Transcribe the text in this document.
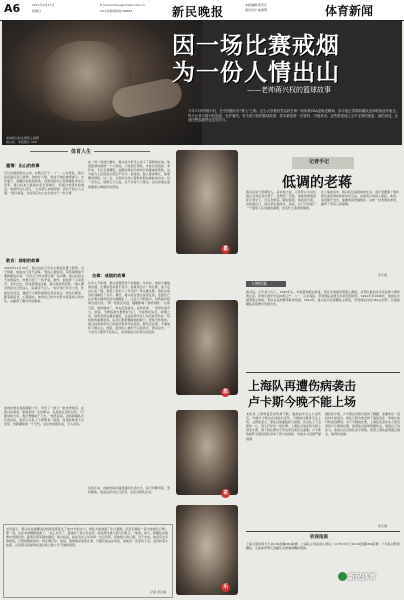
A6	2011年2月27日
星期日
E-mail:xmtiyu@xmwb.com.cn
24小时新闻热线:96655	新民晚报	本版编辑:郑茂庆
视觉设计:戚黎明	体育新闻
因一场比赛戒烟
为一份人情出山
——老帅蒋兴权的篮球故事
今年71岁的蒋兴权，在中国篮坛有"教父"之称，这么大岁数仍然活跃在第一线执教CBA更能见精神，如今他正带领新疆队直奔联赛冠军而去。昨天记者与蒋兴权见面，在沪寓所，有关蒋兴权的篮球故事，原本都是第一手资料，对他来讲，这些都是他人生中宝贵的财富，他的讲述，让他回想起那些过往的岁月。
老帅蒋兴权在赛场上指挥
蒋兴权　本报图片 CFP
体育人生
重情：出山的故事
当过中国国家队主帅，执教过辽宁、八一、山东等队，蒋兴权在篮坛有口皆碑。他的好人缘，得益于他的重情重义。去年夏天，新疆队老板找到他，希望他能出山帮新疆队冲击总冠军。蒋兴权本已准备在家安享晚年，但面对老朋友的诚意，他最终点头答应。"人家那么看得起我，我总不能让人失望。"蒋兴权说，当初答应出山完全是出于一份人情。
敢言：辞职的故事
2005年12月30日，蒋兴权在辽宁队主教练位置上辞职。对于辞职，他说自己并不后悔。"我这人敢说话，有些事情看不惯就要说出来。"当年辽宁队内部出现一些问题，蒋兴权直言不讳地指出，结果引发了一些矛盾。最终，他选择了主动离开。多年过去，再谈起那段往事，蒋兴权依然坦然："做人要对得起自己的良心，说真话不丢人。"如今他已年过七旬，性格依旧没变，遇到不合理的事情还是会直言。球员们都说，跟着蒋指导，心里踏实。他用自己的方式坚守着篮球人的本色，也赢得了圈内外的尊重。
他的执教生涯跨越数十年，带出了一批又一批优秀球员。在蒋兴权看来，篮球是他一生的事业，也是他生活的全部。"只要身体允许，我还想继续干下去。"他笑着说。谈到新疆队今年的目标，他表示全队上下都憋着一股劲，希望能够拿下总冠军，给新疆球迷一个交代。这位老帅的执着，令人动容。
在一场一场的比赛中，蒋兴权与很多人结下了深厚的友谊。他说篮球场就像一个大家庭，大家相互帮助，才能共同进步。多年来，无论走到哪里，他都能得到当地同行的尊重和帮助，这与他为人处世的态度密不可分。他常说，做人要讲情义，做事要讲规矩。这一点，从他多次出山帮助老朋友就能看出来。每一次出山，他都全力以赴，从不计较个人得失。这也是他在篮球圈里口碑极好的原因。
自律：戒烟的故事
许多人不知道，蒋兴权曾经是个老烟枪。年轻时，他每天要抽两包烟，比赛时更是烟不离手。但就是因为一场比赛，他下定决心戒了烟。那是上世纪八十年代的一场关键比赛，球队在最后时刻输给了对手。赛后，蒋兴权在更衣室里反思，发现自己在比赛关键阶段因为烟瘾犯了，注意力不够集中，导致临场指挥出现失误。"那一刻我意识到，烟瘾影响了我的判断。"从那天起，他把烟戒了，再也没有碰过。这份自律，一直坚持到今天。他说，当教练首先要管好自己，才能管好队员。戒烟之后，他的身体也越来越好，这也是他年过七旬还能坚持在一线执教的重要原因。队员们都很佩服他的毅力，把他当作榜样。蒋兴权常常用自己的经历教育年轻球员，要学会自律，不要被坏习惯左右。他说，篮球场上拼的不仅是技术，更是意志。一个连自己都管不住的人，是很难成为优秀运动员的。
这些年来，他始终保持着健康的生活方式，每天早睡早起，坚持锻炼。他说这是对自己负责，也是对球队负责。
去年夏天，蒋兴权在新疆队的训练馆里度过了他71岁的生日。球队为他准备了生日蛋糕，队员们围在一起为他唱生日歌。那一刻，这位老帅眼眶湿润了。"这么多年了，篮球给了我太多东西，我也想尽最大努力回报它。"他说。如今，新疆队在联赛中表现出色，距离总冠军越来越近。蒋兴权说，能在有生之年再拿一次总冠军，是他最大的心愿。对于未来，他没有太多的规划，只想把眼前的每一场比赛打好。他说，篮球就是他的生命，只要还能站在场边，他就会一直坚持下去。这份执着与热爱，正是蒋兴权能够在篮坛屹立数十年不倒的原因。
记者 李元春
喜
怒
哀
乐
记者手记
低调的老蒋
蒋兴权是个低调的人。采访他之前，记者原以为这位篮坛名帅会有些架子，没想到一见面，他就热情地招呼记者坐下，还亲自倒茶。聊起篮球，他滔滔不绝，但说到自己，他总是轻描淡写。他说，自己只是做了一个篮球人应该做的事情，没有什么值得炫耀的。
在上海的家中，蒋兴权过着简单的生活。客厅里摆满了他执教生涯获得的奖杯和纪念品，但他很少向别人提起。他说，荣誉属于过去，重要的是把握现在。这样一位低调的老帅，赢得了所有人的尊敬。
李元春
人物档案
蒋兴权，辽宁省大连人，1940年生。中国篮球职业教练，曾任中国国家男篮主教练，并带队参加过多次世界大赛和奥运会。执教生涯中先后执教辽宁、八一、山东等队，带领球队获得过多项全国冠军。1991年至1998年，他担任中国男篮主教练，带队在亚洲赛场取得佳绩。2010年，蒋兴权出任新疆队主教练，带领球队冲击CBA总冠军，目前新疆队在联赛中表现出色。
上海队再遭伤病袭击
卢卡斯今晚不能上场
本报讯 上海男篮近来伤病不断，继此前多名主力受伤后，外援卢卡斯也在训练中受伤，今晚的比赛将无法上场。主教练表示，球队目前面临较大困难，但全队上下会团结一心，努力打好每一场比赛。上海队目前在积分榜上排名中游，剩下的比赛对于冲击季后赛至关重要。卢卡斯的缺阵无疑给球队带来了很大的麻烦，内线实力受到严重削弱。
据队医介绍，卢卡斯在训练中扭伤了脚踝，需要休息一段时间才能复出。球队已经为他安排了康复治疗，争取让他尽快回到赛场。对于今晚的比赛，上海队将派出本土球员顶替卢卡斯的位置，希望他们能够把握机会，展现自己的实力。球迷们也对球队寄予厚望，希望上海队能够渡过难关，取得好成绩。
李元春
收视指南
上海五星体育今天19:30直播CBA联赛：上海队主场迎战山西队；CCTV-5今天19:30直播CBA联赛：广东队对阵新疆队。五星体育明天直播有关赛事的精彩集锦。
新民体育
